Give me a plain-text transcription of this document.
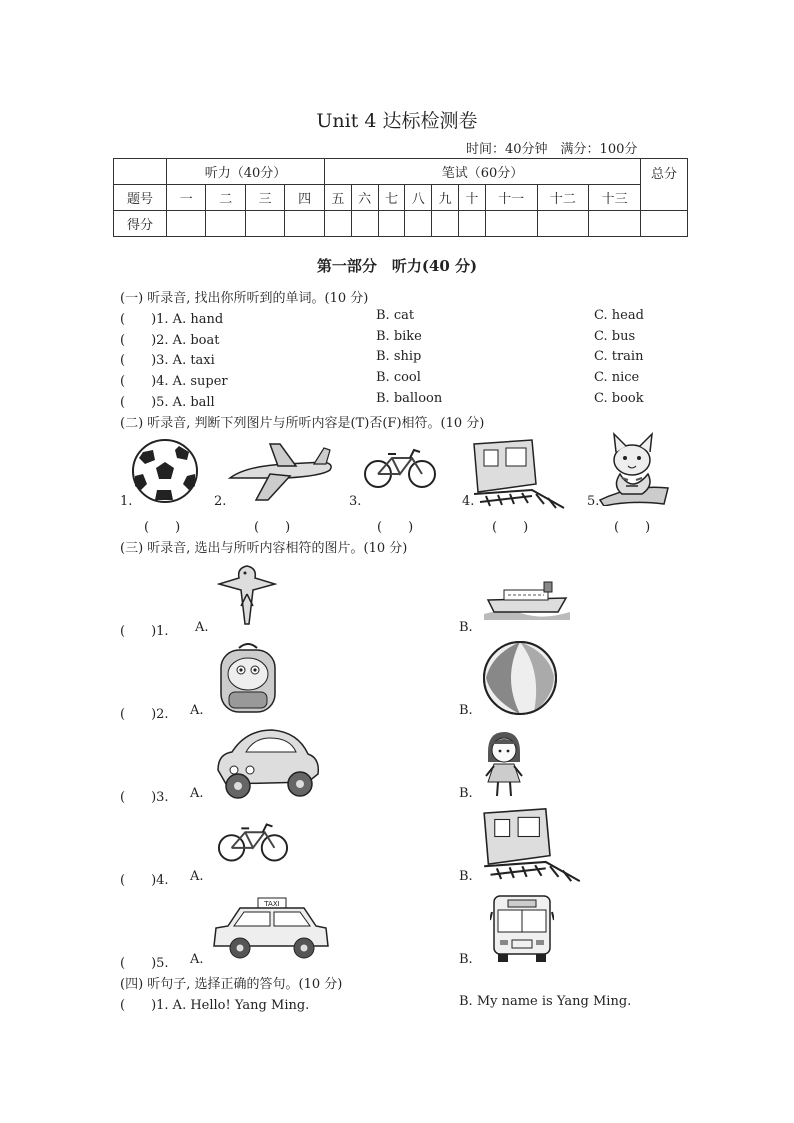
Unit 4 达标检测卷
时间：40分钟　满分：100分
	听力（40分）				笔试（60分）									总分
题号	一	二	三	四	五	六	七	八	九	十	十一	十二	十三	
得分														
第一部分　听力(40 分)
(一) 听录音, 找出你所听到的单词。(10 分)
(　　)1. A. hand	B. cat	C. head
(　　)2. A. boat	B. bike	C. bus
(　　)3. A. taxi	B. ship	C. train
(　　)4. A. super	B. cool	C. nice
(　　)5. A. ball	B. balloon	C. book
(二) 听录音, 判断下列图片与所听内容是(T)否(F)相符。(10 分)
1.
(　　)
2.
(　　)
3.
(　　)
4.
(　　)
5.
(　　)
(三) 听录音, 选出与所听内容相符的图片。(10 分)
(　　)1. A.	B.
(　　)2. A.	B.
(　　)3. A.	B.
(　　)4. A.	B.
(　　)5. A.
TAXI
B.
(四) 听句子, 选择正确的答句。(10 分)
(　　)1. A. Hello! Yang Ming.	B. My name is Yang Ming.
